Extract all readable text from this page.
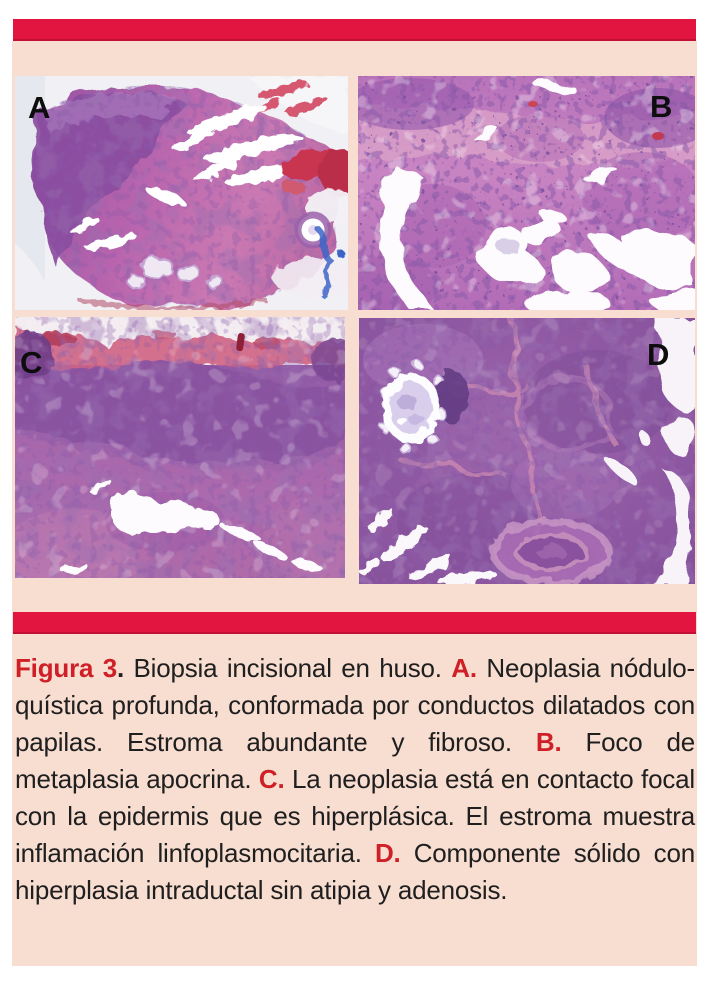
A	B
C	D
Figura 3. Biopsia incisional en huso. A. Neoplasia nódulo-quística profunda, conformada por conductos dilatados con papilas. Estroma abundante y fibroso. B. Foco de metaplasia apocrina. C. La neoplasia está en contacto focal con la epidermis que es hiperplásica. El estroma muestra inflamación linfoplasmocitaria. D. Componente sólido con hiperplasia intraductal sin atipia y adenosis.
